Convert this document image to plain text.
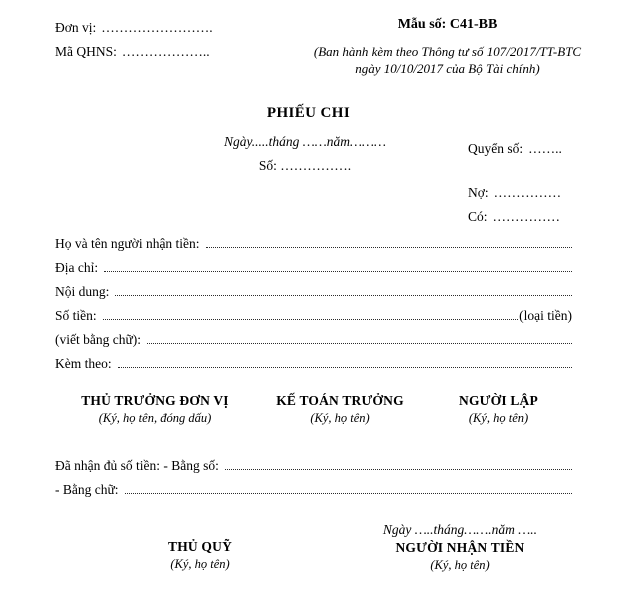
Đơn vị: …………………….
Mã QHNS: ………………..
Mẫu số: C41-BB
(Ban hành kèm theo Thông tư số 107/2017/TT-BTC
ngày 10/10/2017 của Bộ Tài chính)
PHIẾU CHI
Ngày.....tháng ……năm………
Số: …………….
Quyển số: ……..
Nợ: ……………
Có: ……………
Họ và tên người nhận tiền:
Địa chỉ:
Nội dung:
Số tiền:	(loại tiền)
(viết bằng chữ):
Kèm theo:
THỦ TRƯỞNG ĐƠN VỊ
(Ký, họ tên, đóng dấu)
KẾ TOÁN TRƯỞNG
(Ký, họ tên)
NGƯỜI LẬP
(Ký, họ tên)
Đã nhận đủ số tiền: - Bằng số:
- Bằng chữ:
THỦ QUỸ
(Ký, họ tên)
Ngày …..tháng…….năm …..
NGƯỜI NHẬN TIỀN
(Ký, họ tên)
